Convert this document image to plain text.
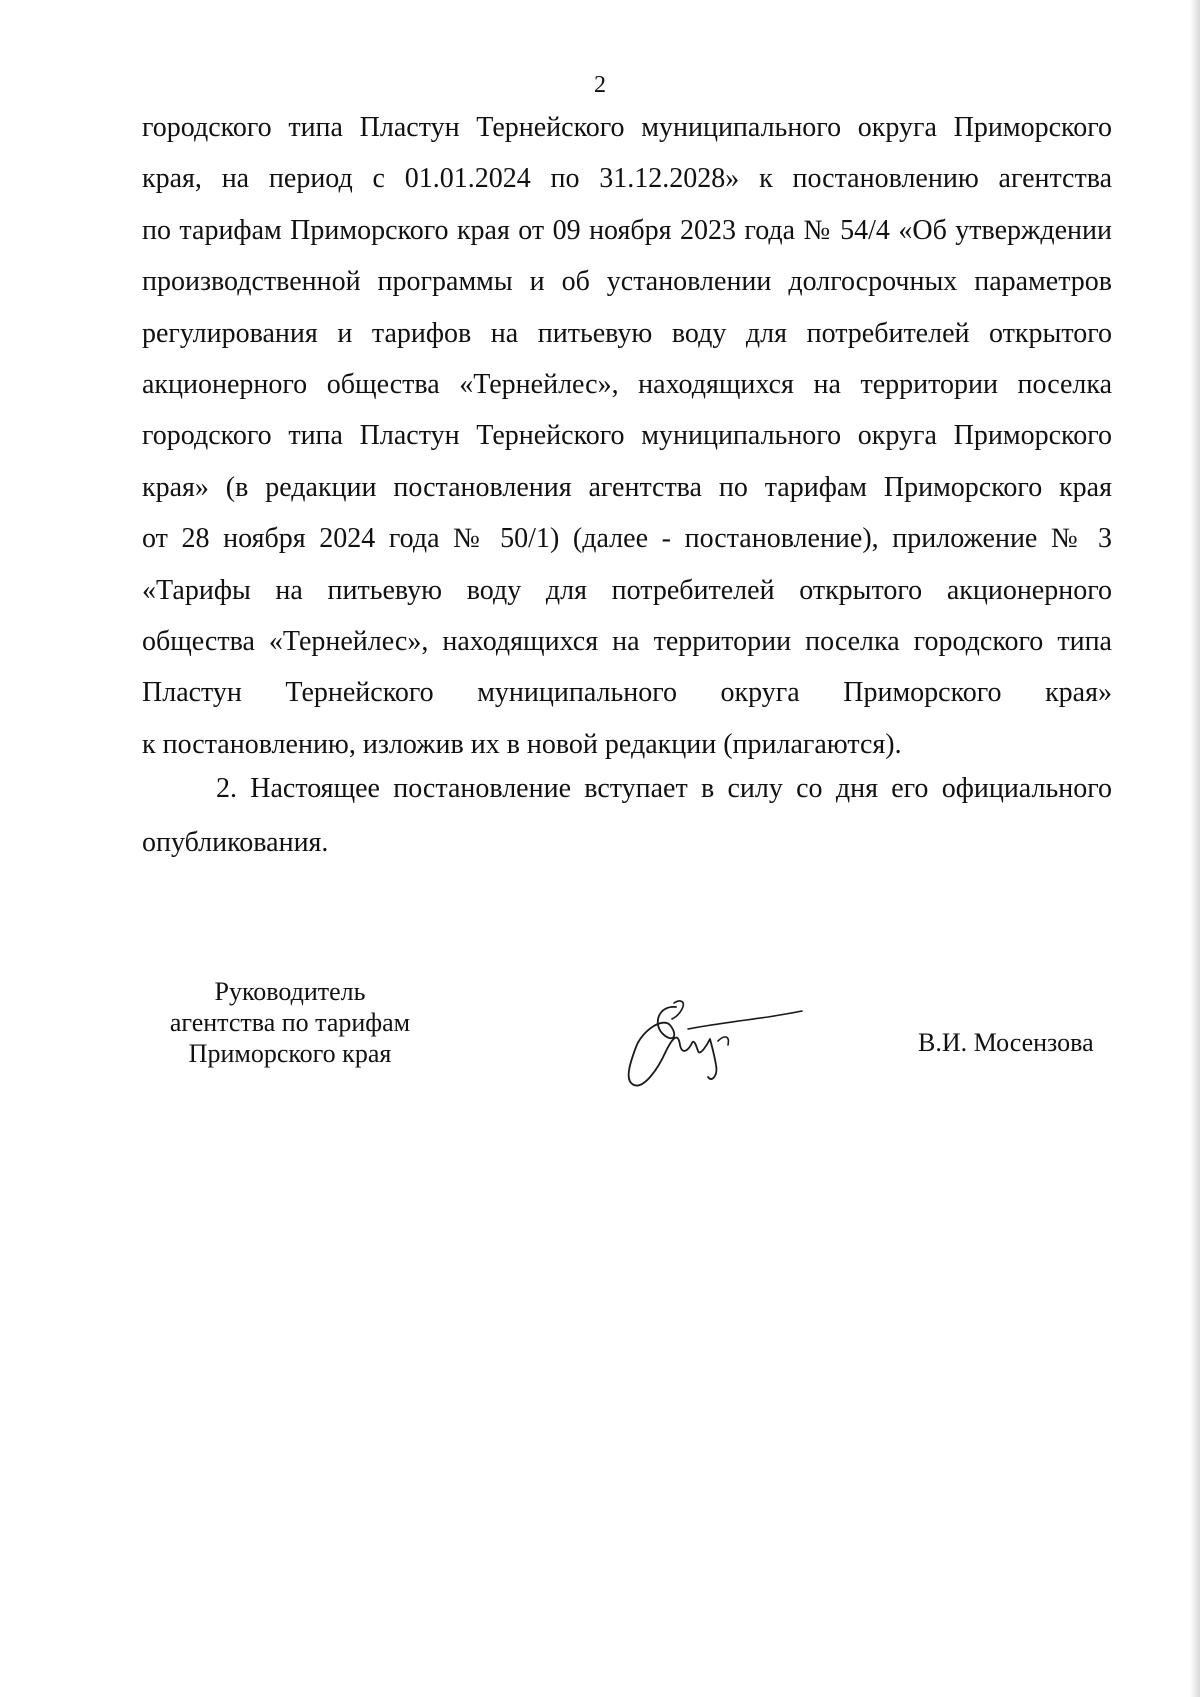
2
городского типа Пластун Тернейского муниципального округа Приморского
края, на период с 01.01.2024 по 31.12.2028» к постановлению агентства
по тарифам Приморского края от 09 ноября 2023 года № 54/4 «Об утверждении
производственной программы и об установлении долгосрочных параметров
регулирования и тарифов на питьевую воду для потребителей открытого
акционерного общества «Тернейлес», находящихся на территории поселка
городского типа Пластун Тернейского муниципального округа Приморского
края» (в редакции постановления агентства по тарифам Приморского края
от 28 ноября 2024 года № 50/1) (далее - постановление), приложение № 3
«Тарифы на питьевую воду для потребителей открытого акционерного
общества «Тернейлес», находящихся на территории поселка городского типа
Пластун Тернейского муниципального округа Приморского края»
к постановлению, изложив их в новой редакции (прилагаются).
2. Настоящее постановление вступает в силу со дня его официального
опубликования.
Руководитель
агентства по тарифам
Приморского края	В.И. Мосензова
